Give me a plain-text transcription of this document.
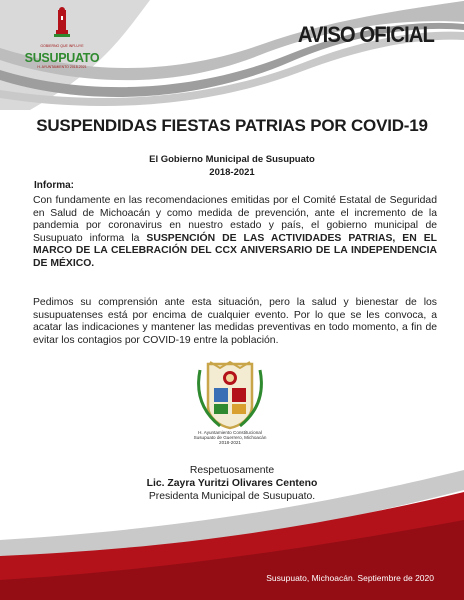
GOBIERNO QUE INFLUYE
SUSUPUATO
H. AYUNTAMIENTO 2018-2021
AVISO OFICIAL
SUSPENDIDAS FIESTAS PATRIAS POR COVID-19
El Gobierno Municipal de Susupuato
2018-2021
Informa:
Con fundamente en las recomendaciones emitidas por el Comité Estatal de Seguridad en Salud de Michoacán y como medida de prevención, ante el incremento de la pandemia por coronavirus en nuestro estado y país, el gobierno municipal de Susupuato informa la SUSPENCIÓN DE LAS ACTIVIDADES PATRIAS, EN EL MARCO DE LA CELEBRACIÓN DEL CCX ANIVERSARIO DE LA INDEPENDENCIA DE MÉXICO.
Pedimos su comprensión ante esta situación, pero la salud y bienestar de los susupuatenses está por encima de cualquier evento. Por lo que se les convoca, a acatar las indicaciones y mantener las medidas preventivas en todo momento, a fin de evitar los contagios por COVID-19 entre la población.
H. Ayuntamiento Constitucional
Susupuato de Guerrero, Michoacán
2018-2021
Respetuosamente
Lic. Zayra Yuritzi Olivares Centeno
Presidenta Municipal de Susupuato.
Susupuato, Michoacán. Septiembre de 2020
